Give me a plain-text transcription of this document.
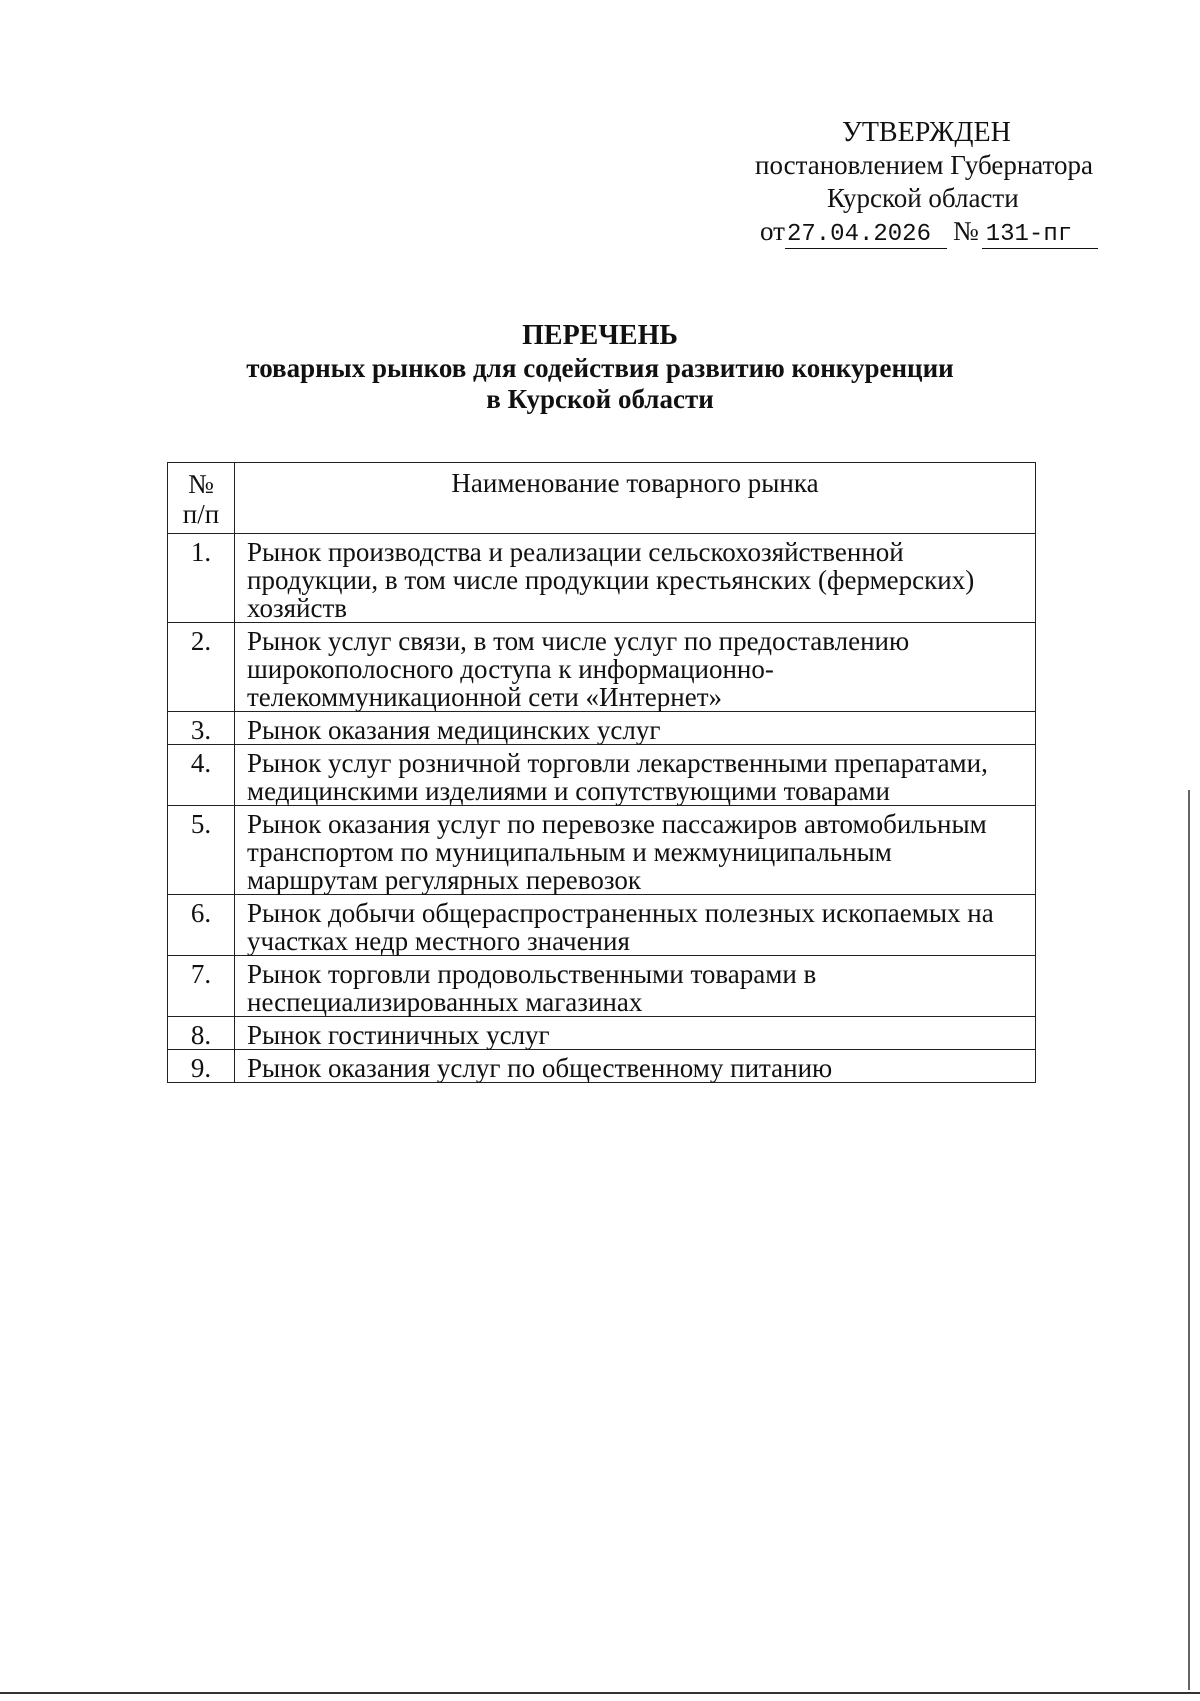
УТВЕРЖДЕН
постановлением Губернатора
Курской области
от27.04.2026 № 131-пг
ПЕРЕЧЕНЬ
товарных рынков для содействия развитию конкуренции
в Курской области
№
п/п	Наименование товарного рынка
1.	Рынок производства и реализации сельскохозяйственной продукции, в том числе продукции крестьянских (фермерских) хозяйств
2.	Рынок услуг связи, в том числе услуг по предоставлению широкополосного доступа к информационно-телекоммуникационной сети «Интернет»
3.	Рынок оказания медицинских услуг
4.	Рынок услуг розничной торговли лекарственными препаратами, медицинскими изделиями и сопутствующими товарами
5.	Рынок оказания услуг по перевозке пассажиров автомобильным транспортом по муниципальным и межмуниципальным маршрутам регулярных перевозок
6.	Рынок добычи общераспространенных полезных ископаемых на участках недр местного значения
7.	Рынок торговли продовольственными товарами в неспециализированных магазинах
8.	Рынок гостиничных услуг
9.	Рынок оказания услуг по общественному питанию
